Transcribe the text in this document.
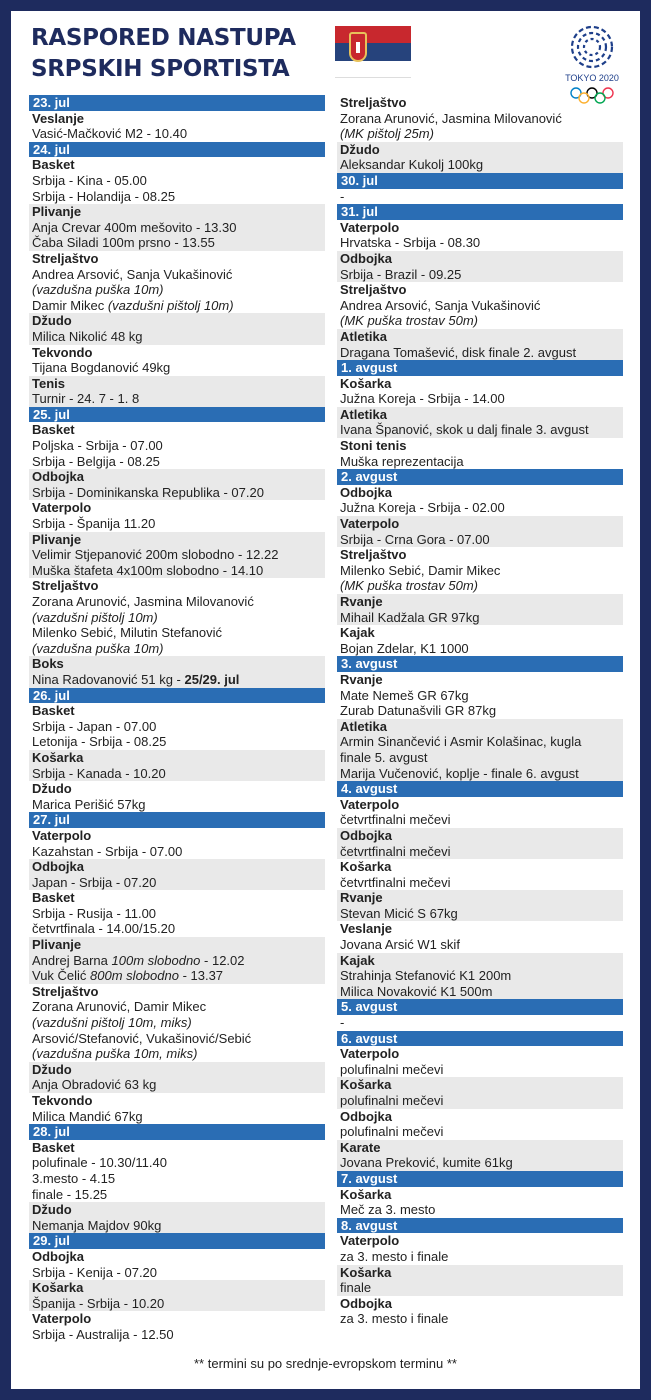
RASPORED NASTUPA
SRPSKIH SPORTISTA	TOKYO 2020
23. jul
Veslanje
Vasić-Mačković M2 - 10.40
24. jul
Basket
Srbija - Kina - 05.00
Srbija - Holandija - 08.25
Plivanje
Anja Crevar 400m mešovito - 13.30
Čaba Siladi 100m prsno - 13.55
Streljaštvo
Andrea Arsović, Sanja Vukašinović
(vazdušna puška 10m)
Damir Mikec (vazdušni pištolj 10m)
Džudo
Milica Nikolić 48 kg
Tekvondo
Tijana Bogdanović 49kg
Tenis
Turnir - 24. 7 - 1. 8
25. jul
Basket
Poljska - Srbija - 07.00
Srbija - Belgija - 08.25
Odbojka
Srbija - Dominikanska Republika - 07.20
Vaterpolo
Srbija - Španija 11.20
Plivanje
Velimir Stjepanović 200m slobodno - 12.22
Muška štafeta 4x100m slobodno - 14.10
Streljaštvo
Zorana Arunović, Jasmina Milovanović
(vazdušni pištolj 10m)
Milenko Sebić, Milutin Stefanović
(vazdušna puška 10m)
Boks
Nina Radovanović 51 kg - 25/29. jul
26. jul
Basket
Srbija - Japan - 07.00
Letonija - Srbija - 08.25
Košarka
Srbija - Kanada - 10.20
Džudo
Marica Perišić 57kg
27. jul
Vaterpolo
Kazahstan - Srbija - 07.00
Odbojka
Japan - Srbija - 07.20
Basket
Srbija - Rusija - 11.00
četvrtfinala - 14.00/15.20
Plivanje
Andrej Barna 100m slobodno - 12.02
Vuk Čelić 800m slobodno - 13.37
Streljaštvo
Zorana Arunović, Damir Mikec
(vazdušni pištolj 10m, miks)
Arsović/Stefanović, Vukašinović/Sebić
(vazdušna puška 10m, miks)
Džudo
Anja Obradović 63 kg
Tekvondo
Milica Mandić 67kg
28. jul
Basket
polufinale - 10.30/11.40
3.mesto - 4.15
finale - 15.25
Džudo
Nemanja Majdov 90kg
29. jul
Odbojka
Srbija - Kenija - 07.20
Košarka
Španija - Srbija - 10.20
Vaterpolo
Srbija - Australija - 12.50
Streljaštvo
Zorana Arunović, Jasmina Milovanović
(MK pištolj 25m)
Džudo
Aleksandar Kukolj 100kg
30. jul
-
31. jul
Vaterpolo
Hrvatska - Srbija - 08.30
Odbojka
Srbija - Brazil - 09.25
Streljaštvo
Andrea Arsović, Sanja Vukašinović
(MK puška trostav 50m)
Atletika
Dragana Tomašević, disk finale 2. avgust
1. avgust
Košarka
Južna Koreja - Srbija - 14.00
Atletika
Ivana Španović, skok u dalj finale 3. avgust
Stoni tenis
Muška reprezentacija
2. avgust
Odbojka
Južna Koreja - Srbija - 02.00
Vaterpolo
Srbija - Crna Gora - 07.00
Streljaštvo
Milenko Sebić, Damir Mikec
(MK puška trostav 50m)
Rvanje
Mihail Kadžala GR 97kg
Kajak
Bojan Zdelar, K1 1000
3. avgust
Rvanje
Mate Nemeš GR 67kg
Zurab Datunašvili GR 87kg
Atletika
Armin Sinančević i Asmir Kolašinac, kugla
finale 5. avgust
Marija Vučenović, koplje - finale 6. avgust
4. avgust
Vaterpolo
četvrtfinalni mečevi
Odbojka
četvrtfinalni mečevi
Košarka
četvrtfinalni mečevi
Rvanje
Stevan Micić S 67kg
Veslanje
Jovana Arsić W1 skif
Kajak
Strahinja Stefanović K1 200m
Milica Novaković K1 500m
5. avgust
-
6. avgust
Vaterpolo
polufinalni mečevi
Košarka
polufinalni mečevi
Odbojka
polufinalni mečevi
Karate
Jovana Preković, kumite 61kg
7. avgust
Košarka
Meč za 3. mesto
8. avgust
Vaterpolo
za 3. mesto i finale
Košarka
finale
Odbojka
za 3. mesto i finale
** termini su po srednje-evropskom terminu **
